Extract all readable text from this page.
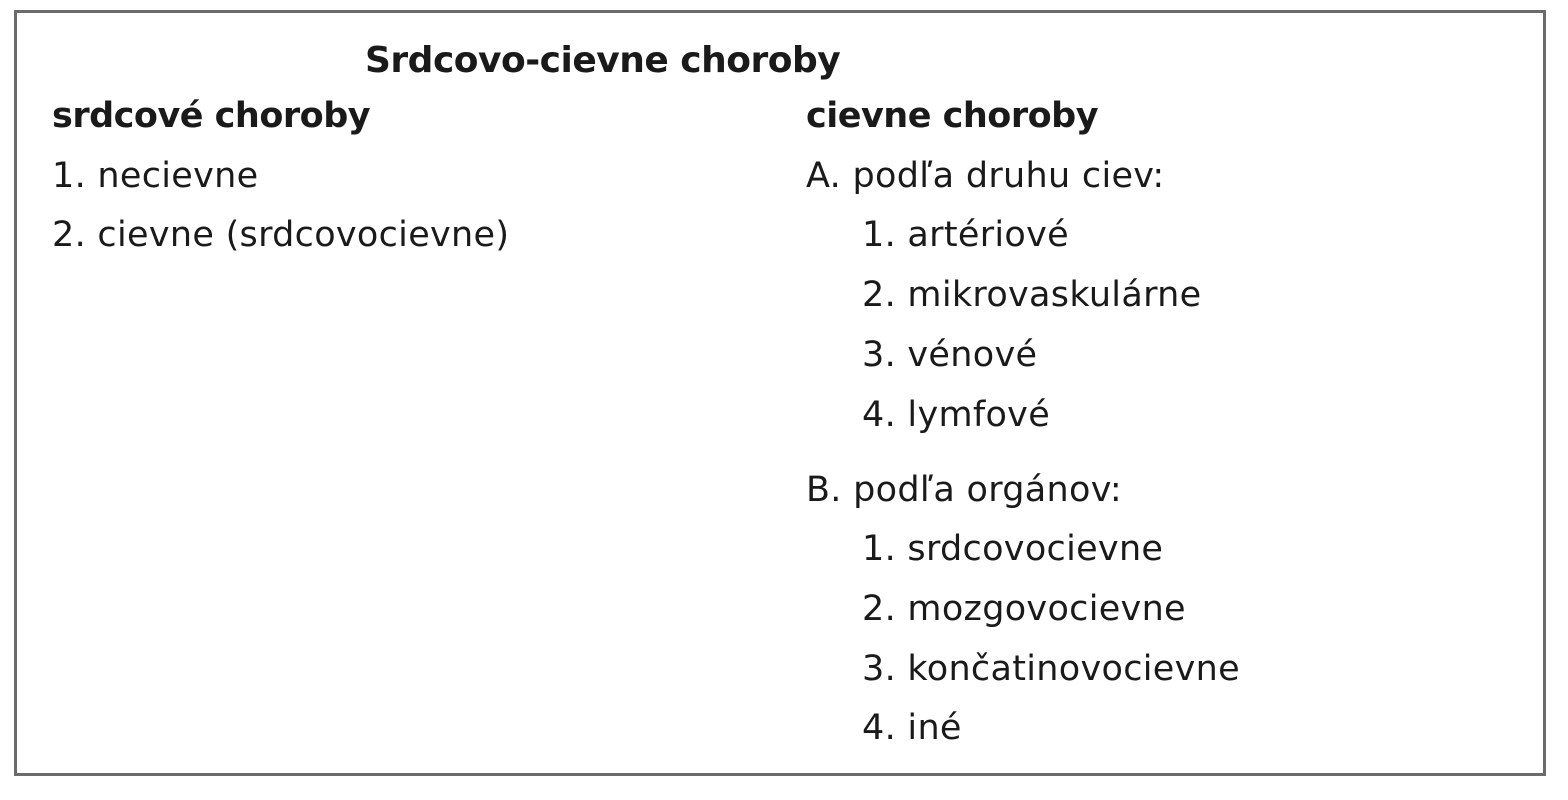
Srdcovo-cievne choroby
srdcové choroby
1. necievne
2. cievne (srdcovocievne)
cievne choroby
A. podľa druhu ciev:
1. artériové
2. mikrovaskulárne
3. vénové
4. lymfové
B. podľa orgánov:
1. srdcovocievne
2. mozgovocievne
3. končatinovocievne
4. iné
